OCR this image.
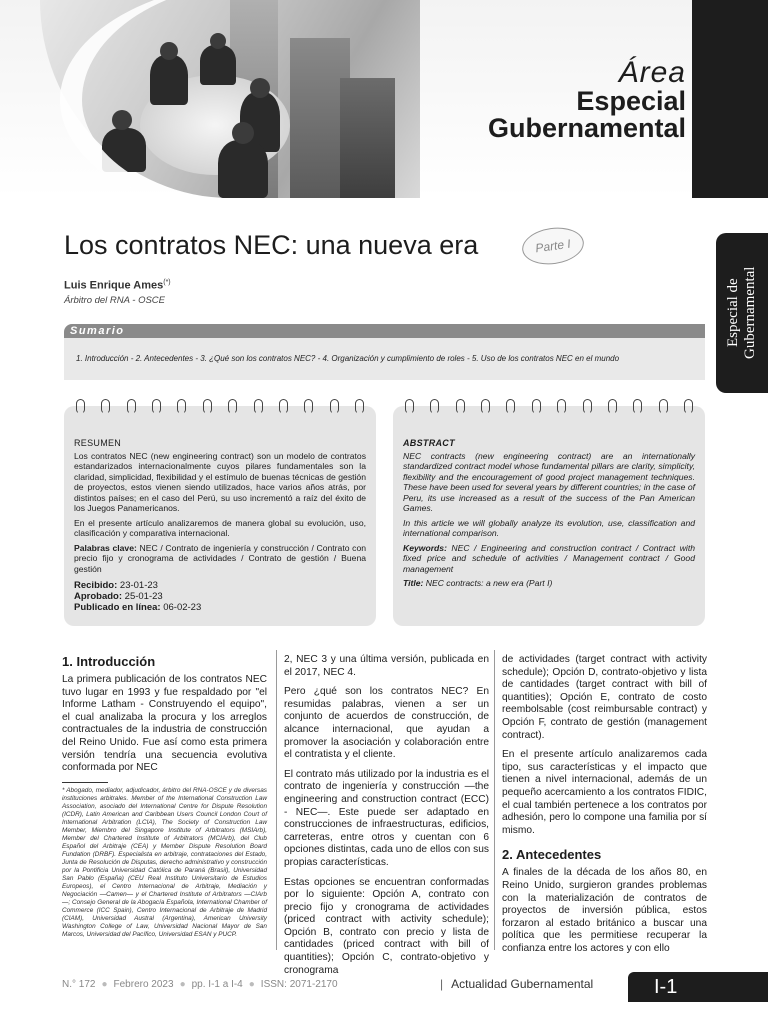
Área
Especial
Gubernamental
Especial de Gubernamental
Los contratos NEC: una nueva era	Parte I
Luis Enrique Ames(*)
Árbitro del RNA - OSCE
Sumario
1. Introducción - 2. Antecedentes - 3. ¿Qué son los contratos NEC? - 4. Organización y cumplimiento de roles - 5. Uso de los contratos NEC en el mundo
RESUMEN

Los contratos NEC (new engineering contract) son un modelo de contratos estandarizados internacionalmente cuyos pilares fundamentales son la claridad, simplicidad, flexibilidad y el estímulo de buenas técnicas de gestión de proyectos, estos vienen siendo utilizados, hace varios años atrás, por distintos países; en el caso del Perú, su uso incrementó a raíz del éxito de los Juegos Panamericanos.

En el presente artículo analizaremos de manera global su evolución, uso, clasificación y comparativa internacional.

Palabras clave: NEC / Contrato de ingeniería y construcción / Contrato con precio fijo y cronograma de actividades / Contrato de gestión / Buena gestión

Recibido: 23-01-23
Aprobado: 25-01-23
Publicado en línea: 06-02-23
ABSTRACT

NEC contracts (new engineering contract) are an internationally standardized contract model whose fundamental pillars are clarity, simplicity, flexibility and the encouragement of good project management techniques. These have been used for several years by different countries; in the case of Peru, its use increased as a result of the success of the Pan American Games.

In this article we will globally analyze its evolution, use, classification and international comparison.

Keywords: NEC / Engineering and construction contract / Contract with fixed price and schedule of activities / Management contract / Good management

Title: NEC contracts: a new era (Part I)

1. Introducción

La primera publicación de los contratos NEC tuvo lugar en 1993 y fue respaldado por "el Informe Latham - Construyendo el equipo", el cual analizaba la procura y los arreglos contractuales de la industria de construcción del Reino Unido. Fue así como esta primera versión tendría una secuencia evolutiva conformada por NEC

* Abogado, mediador, adjudicador, árbitro del RNA-OSCE y de diversas instituciones arbitrales. Member of the International Construction Law Association, asociado del International Centre for Dispute Resolution (ICDR), Latin American and Caribbean Users Council London Court of International Arbitration (LCIA), The Society of Construction Law Member, Miembro del Singapore Institute of Arbitrators (MSIArb), Member del Chartered Institute of Arbitrators (MCIArb), del Club Español del Arbitraje (CEA) y Member Dispute Resolution Board Fundation (DRBF). Especialista en arbitraje, contrataciones del Estado, Junta de Resolución de Disputas, derecho administrativo y construcción por la Pontificia Universidad Católica de Paraná (Brasil), Universidad San Pablo (España) (CEU Real Instituto Universitario de Estudios Europeos), el Centro Internacional de Arbitraje, Mediación y Negociación —Camen— y el Chartered Institute of Arbitrators —CIArb—; Consejo General de la Abogacía Española, International Chamber of Commerce (ICC Spain), Centro Internacional de Arbitraje de Madrid (CIAM), Universidad Austral (Argentina), American University Washington College of Law, Universidad Nacional Mayor de San Marcos, Universidad del Pacífico, Universidad ESAN y PUCP.

2, NEC 3 y una última versión, publicada en el 2017, NEC 4.

Pero ¿qué son los contratos NEC? En resumidas palabras, vienen a ser un conjunto de acuerdos de construcción, de alcance internacional, que ayudan a promover la asociación y colaboración entre el contratista y el cliente.

El contrato más utilizado por la industria es el contrato de ingeniería y construcción —the engineering and construction contract (ECC) - NEC—. Este puede ser adaptado en construcciones de infraestructuras, edificios, carreteras, entre otros y cuentan con 6 opciones distintas, cada uno de ellos con sus propias características.

Estas opciones se encuentran conformadas por lo siguiente: Opción A, contrato con precio fijo y cronograma de actividades (priced contract with activity schedule); Opción B, contrato con precio y lista de cantidades (priced contract with bill of quantities); Opción C, contrato-objetivo y cronograma

de actividades (target contract with activity schedule); Opción D, contrato-objetivo y lista de cantidades (target contract with bill of quantities); Opción E, contrato de costo reembolsable (cost reimbursable contract) y Opción F, contrato de gestión (management contract).

En el presente artículo analizaremos cada tipo, sus características y el impacto que tienen a nivel internacional, además de un pequeño acercamiento a los contratos FIDIC, el cual también pertenece a los contratos por adhesión, pero lo compone una familia por sí mismo.

2. Antecedentes

A finales de la década de los años 80, en Reino Unido, surgieron grandes problemas con la materialización de contratos de proyectos de inversión pública, estos forzaron al estado británico a buscar una política que les permitiese recuperar la confianza entre los actores y con ello

N.° 172 ● Febrero 2023 ● pp. I-1 a I-4 ● ISSN: 2071-2170	| Actualidad Gubernamental	I-1
